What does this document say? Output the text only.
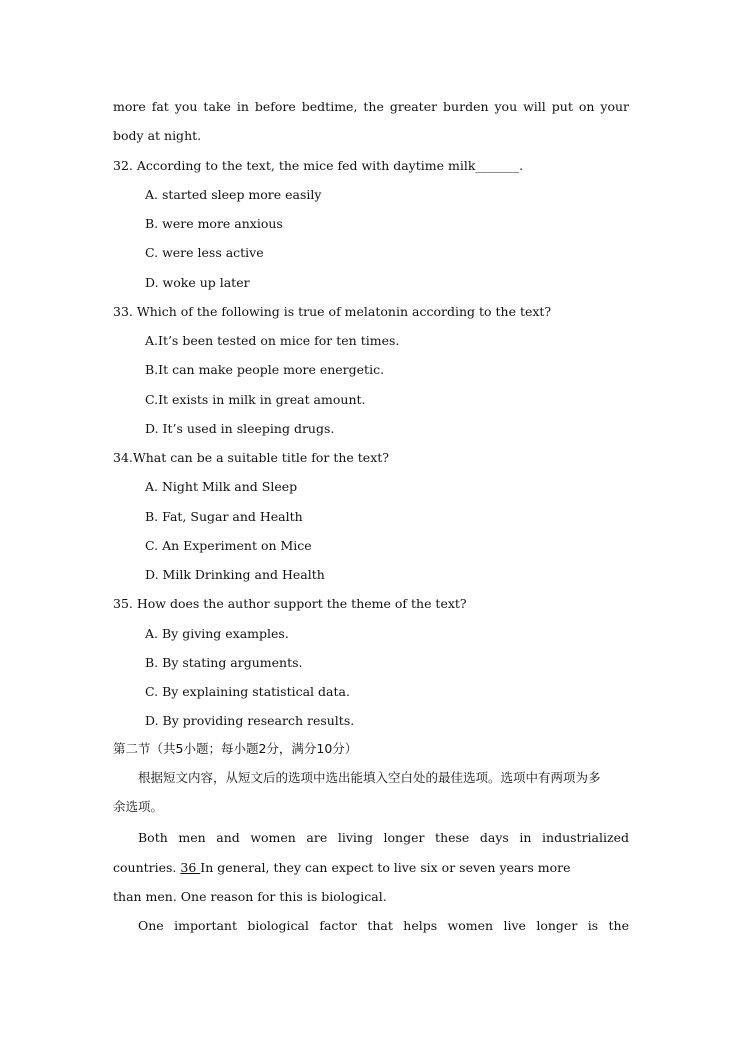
more fat you take in before bedtime, the greater burden you will put on your
body at night.
32. According to the text, the mice fed with daytime milk_______.
A. started sleep more easily
B. were more anxious
C. were less active
D. woke up later
33. Which of the following is true of melatonin according to the text?
A.It’s been tested on mice for ten times.
B.It can make people more energetic.
C.It exists in milk in great amount.
D. It’s used in sleeping drugs.
34.What can be a suitable title for the text?
A. Night Milk and Sleep
B. Fat, Sugar and Health
C. An Experiment on Mice
D. Milk Drinking and Health
35. How does the author support the theme of the text?
A. By giving examples.
B. By stating arguments.
C. By explaining statistical data.
D. By providing research results.
第二节（共5小题；每小题2分，满分10分）
根据短文内容，从短文后的选项中选出能填入空白处的最佳选项。选项中有两项为多
余选项。
Both men and women are living longer these days in industrialized
countries. 36 In general, they can expect to live six or seven years more
than men. One reason for this is biological.
One important biological factor that helps women live longer is the
